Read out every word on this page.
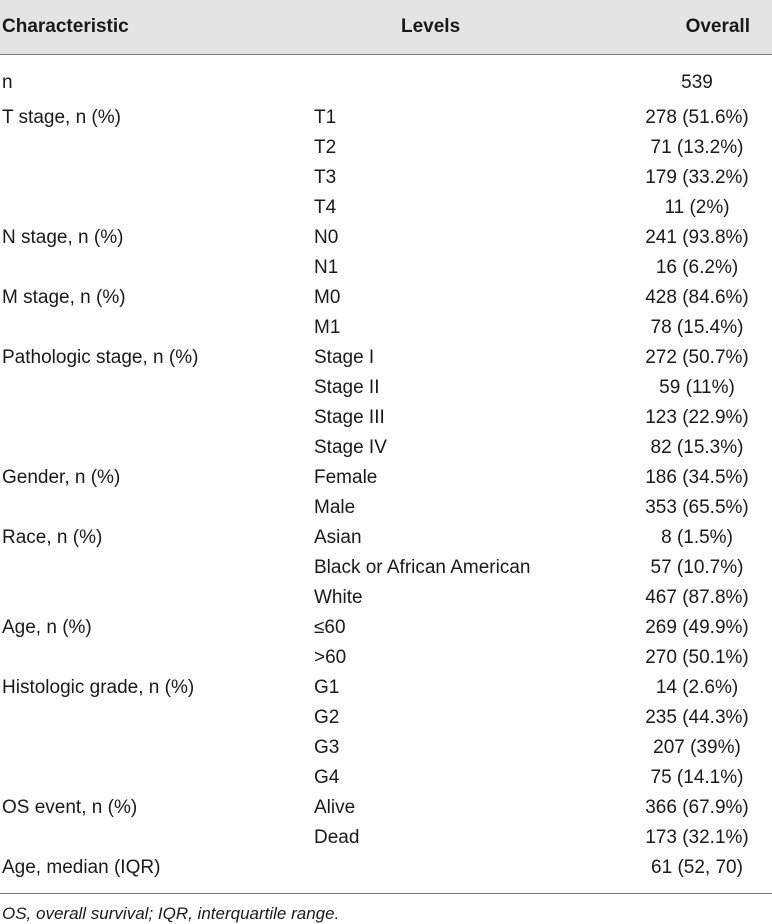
Characteristic	Levels	Overall
n		539
T stage, n (%)	T1	278 (51.6%)
	T2	71 (13.2%)
	T3	179 (33.2%)
	T4	11 (2%)
N stage, n (%)	N0	241 (93.8%)
	N1	16 (6.2%)
M stage, n (%)	M0	428 (84.6%)
	M1	78 (15.4%)
Pathologic stage, n (%)	Stage I	272 (50.7%)
	Stage II	59 (11%)
	Stage III	123 (22.9%)
	Stage IV	82 (15.3%)
Gender, n (%)	Female	186 (34.5%)
	Male	353 (65.5%)
Race, n (%)	Asian	8 (1.5%)
	Black or African American	57 (10.7%)
	White	467 (87.8%)
Age, n (%)	≤60	269 (49.9%)
	>60	270 (50.1%)
Histologic grade, n (%)	G1	14 (2.6%)
	G2	235 (44.3%)
	G3	207 (39%)
	G4	75 (14.1%)
OS event, n (%)	Alive	366 (67.9%)
	Dead	173 (32.1%)
Age, median (IQR)		61 (52, 70)
OS, overall survival; IQR, interquartile range.
